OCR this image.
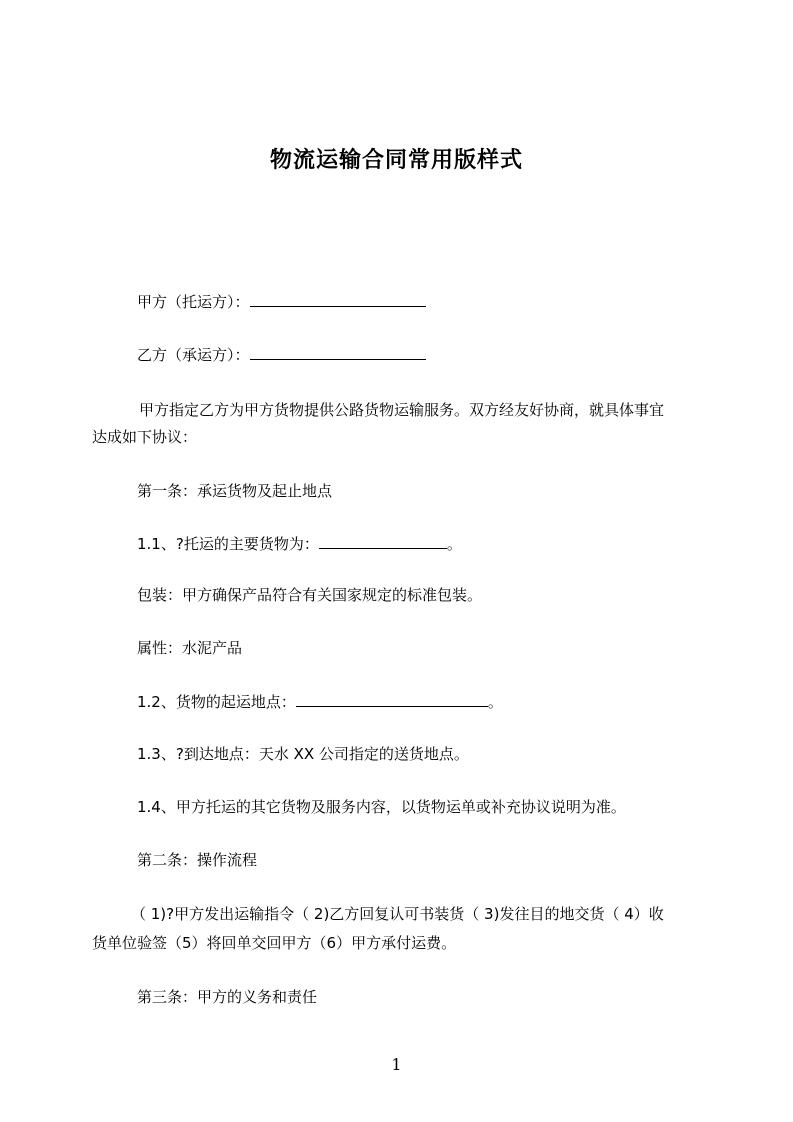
物流运输合同常用版样式
甲方（托运方）：
乙方（承运方）：
甲方指定乙方为甲方货物提供公路货物运输服务。双方经友好协商，就具体事宜
达成如下协议：
第一条：承运货物及起止地点
1.1、?托运的主要货物为：	。
包装：甲方确保产品符合有关国家规定的标准包装。
属性：水泥产品
1.2、货物的起运地点：	。
1.3、?到达地点：天水 XX 公司指定的送货地点。
1.4、甲方托运的其它货物及服务内容，以货物运单或补充协议说明为准。
第二条：操作流程
（ 1)?甲方发出运输指令（ 2)乙方回复认可书装货（ 3)发往目的地交货（ 4）收
货单位验签（5）将回单交回甲方（6）甲方承付运费。
第三条：甲方的义务和责任
1
